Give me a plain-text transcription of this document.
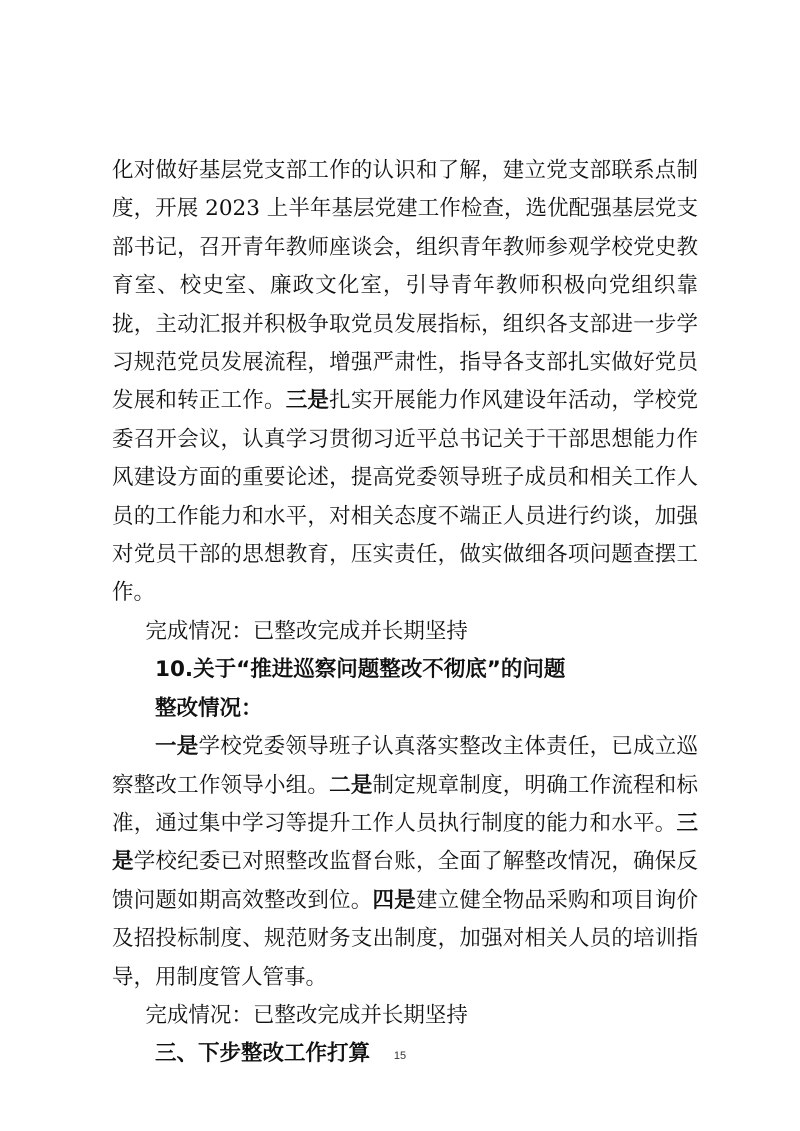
化对做好基层党支部工作的认识和了解，建立党支部联系点制度，开展 2023 上半年基层党建工作检查，选优配强基层党支部书记，召开青年教师座谈会，组织青年教师参观学校党史教育室、校史室、廉政文化室，引导青年教师积极向党组织靠拢，主动汇报并积极争取党员发展指标，组织各支部进一步学习规范党员发展流程，增强严肃性，指导各支部扎实做好党员发展和转正工作。三是扎实开展能力作风建设年活动，学校党委召开会议，认真学习贯彻习近平总书记关于干部思想能力作风建设方面的重要论述，提高党委领导班子成员和相关工作人员的工作能力和水平，对相关态度不端正人员进行约谈，加强对党员干部的思想教育，压实责任，做实做细各项问题查摆工作。

完成情况：已整改完成并长期坚持

10.关于“推进巡察问题整改不彻底”的问题

整改情况：

一是学校党委领导班子认真落实整改主体责任，已成立巡察整改工作领导小组。二是制定规章制度，明确工作流程和标准，通过集中学习等提升工作人员执行制度的能力和水平。三是学校纪委已对照整改监督台账，全面了解整改情况，确保反馈问题如期高效整改到位。四是建立健全物品采购和项目询价及招投标制度、规范财务支出制度，加强对相关人员的培训指导，用制度管人管事。

完成情况：已整改完成并长期坚持

三、下步整改工作打算	15
